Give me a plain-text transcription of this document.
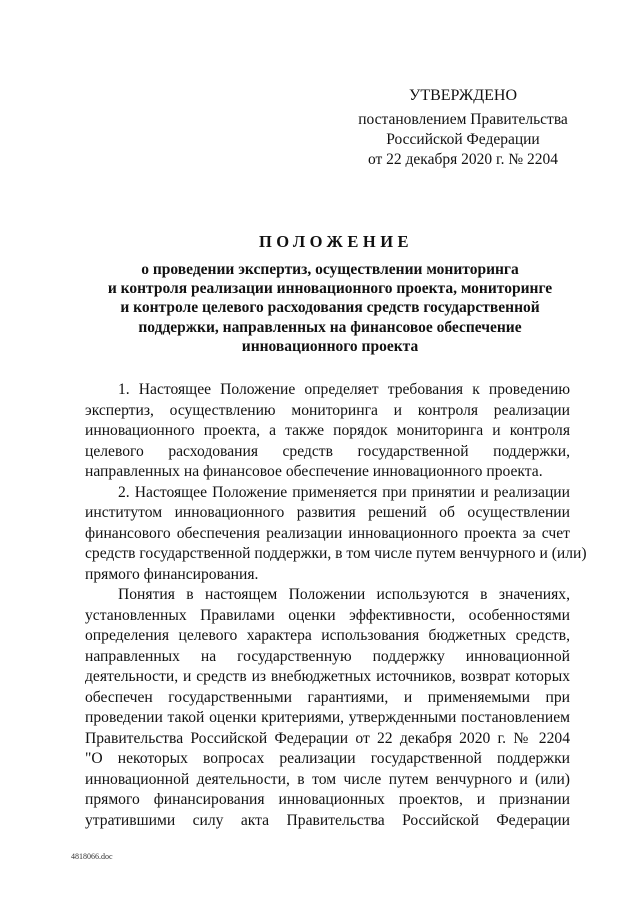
УТВЕРЖДЕНО
постановлением Правительства
Российской Федерации
от 22 декабря 2020 г. № 2204
ПОЛОЖЕНИЕ
о проведении экспертиз, осуществлении мониторинга
и контроля реализации инновационного проекта, мониторинге
и контроле целевого расходования средств государственной
поддержки, направленных на финансовое обеспечение
инновационного проекта
1. Настоящее Положение определяет требования к проведению
экспертиз, осуществлению мониторинга и контроля реализации
инновационного проекта, а также порядок мониторинга и контроля
целевого расходования средств государственной поддержки,
направленных на финансовое обеспечение инновационного проекта.
2. Настоящее Положение применяется при принятии и реализации
институтом инновационного развития решений об осуществлении
финансового обеспечения реализации инновационного проекта за счет
средств государственной поддержки, в том числе путем венчурного и (или)
прямого финансирования.
Понятия в настоящем Положении используются в значениях,
установленных Правилами оценки эффективности, особенностями
определения целевого характера использования бюджетных средств,
направленных на государственную поддержку инновационной
деятельности, и средств из внебюджетных источников, возврат которых
обеспечен государственными гарантиями, и применяемыми при
проведении такой оценки критериями, утвержденными постановлением
Правительства Российской Федерации от 22 декабря 2020 г. № 2204
"О некоторых вопросах реализации государственной поддержки
инновационной деятельности, в том числе путем венчурного и (или)
прямого финансирования инновационных проектов, и признании
утратившими силу акта Правительства Российской Федерации
4818066.doc
